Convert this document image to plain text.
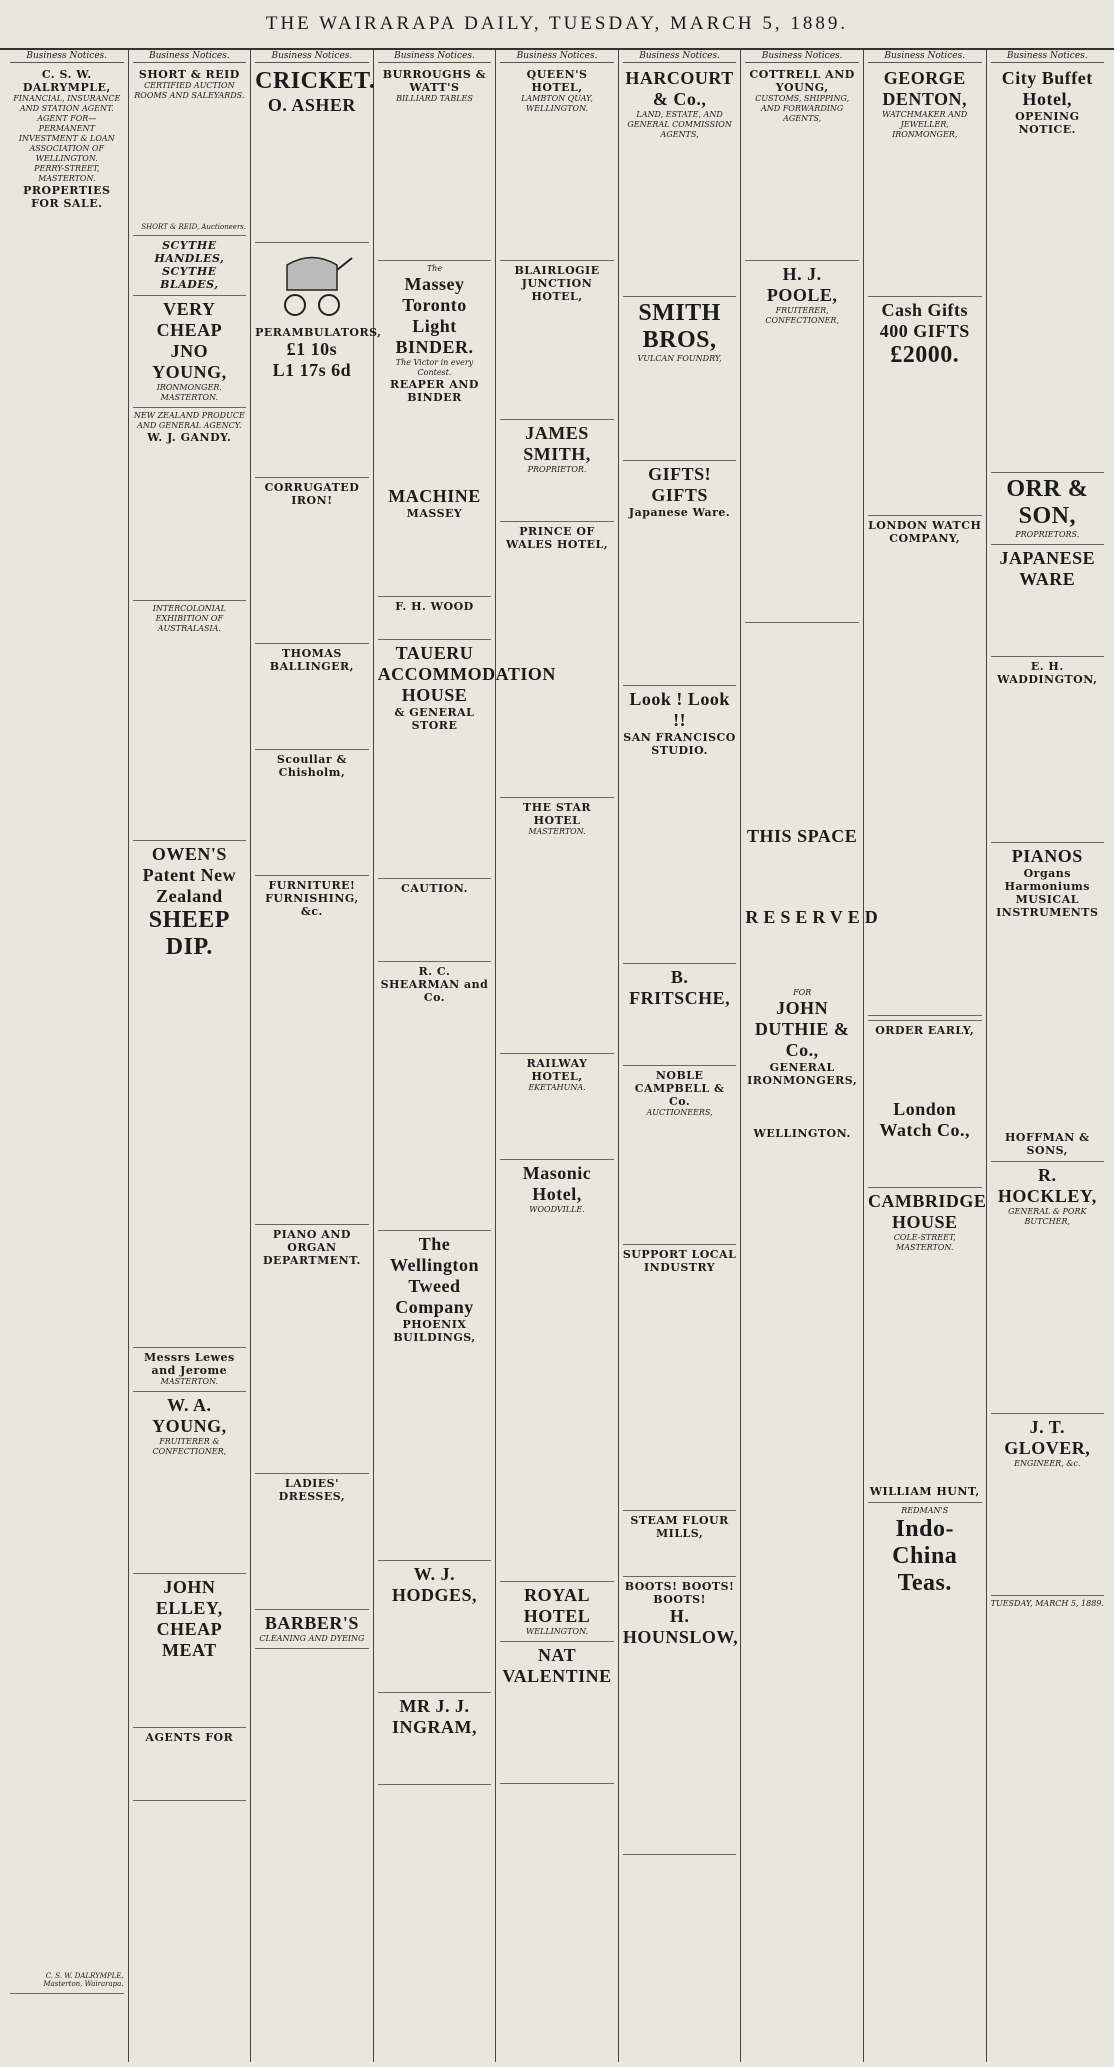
THE WAIRARAPA DAILY, TUESDAY, MARCH 5, 1889.
Business Notices.
C. S. W. DALRYMPLE,
FINANCIAL, INSURANCE AND STATION AGENT.
AGENT FOR—PERMANENT INVESTMENT & LOAN ASSOCIATION OF WELLINGTON.
PERRY-STREET, MASTERTON.
PROPERTIES FOR SALE.
C. S. W. DALRYMPLE, Masterton, Wairarapa.
Business Notices.
SHORT & REID
CERTIFIED AUCTION ROOMS AND SALEYARDS.
SHORT & REID, Auctioneers.
SCYTHE HANDLES, SCYTHE BLADES,
VERY CHEAP
JNO YOUNG,
IRONMONGER. MASTERTON.
NEW ZEALAND PRODUCE AND GENERAL AGENCY.
W. J. GANDY.
INTERCOLONIAL EXHIBITION OF AUSTRALASIA.
OWEN'S
Patent New Zealand
SHEEP DIP.
Messrs Lewes and Jerome
MASTERTON.
W. A. YOUNG,
FRUITERER & CONFECTIONER,
JOHN ELLEY,
CHEAP MEAT
AGENTS FOR
Business Notices.
CRICKET.
O. ASHER
PERAMBULATORS,
£1 10s
L1 17s 6d
CORRUGATED IRON!
THOMAS BALLINGER,
Scoullar & Chisholm,
FURNITURE! FURNISHING, &c.
PIANO AND ORGAN DEPARTMENT.
LADIES' DRESSES,
BARBER'S
CLEANING AND DYEING
Business Notices.
BURROUGHS & WATT'S
BILLIARD TABLES
The
Massey Toronto Light BINDER.
The Victor in every Contest.
REAPER AND BINDER
MACHINE
MASSEY
F. H. WOOD
TAUERU ACCOMMODATION HOUSE
& GENERAL STORE
CAUTION.
R. C. SHEARMAN and Co.
The Wellington Tweed Company
PHOENIX BUILDINGS,
W. J. HODGES,
MR J. J. INGRAM,
Business Notices.
QUEEN'S HOTEL,
LAMBTON QUAY, WELLINGTON.
BLAIRLOGIE JUNCTION HOTEL,
JAMES SMITH,
PROPRIETOR.
PRINCE OF WALES HOTEL,
THE STAR HOTEL
MASTERTON.
RAILWAY HOTEL,
EKETAHUNA.
Masonic Hotel,
WOODVILLE.
ROYAL HOTEL
WELLINGTON.
NAT VALENTINE
Business Notices.
HARCOURT & Co.,
LAND, ESTATE, AND GENERAL COMMISSION AGENTS,
SMITH BROS,
VULCAN FOUNDRY,
GIFTS! GIFTS
Japanese Ware.
Look ! Look !!
SAN FRANCISCO STUDIO.
B. FRITSCHE,
NOBLE CAMPBELL & Co.
AUCTIONEERS,
SUPPORT LOCAL INDUSTRY
STEAM FLOUR MILLS,
BOOTS! BOOTS! BOOTS!
H. HOUNSLOW,
Business Notices.
COTTRELL AND YOUNG,
CUSTOMS, SHIPPING, AND FORWARDING AGENTS,
H. J. POOLE,
FRUITERER, CONFECTIONER,
THIS SPACE
RESERVED
FOR
JOHN DUTHIE & Co.,
GENERAL IRONMONGERS,
WELLINGTON.
Business Notices.
GEORGE DENTON,
WATCHMAKER AND JEWELLER, IRONMONGER,
Cash Gifts
400 GIFTS
£2000.
LONDON WATCH COMPANY,
ORDER EARLY,
London Watch Co.,
CAMBRIDGE HOUSE
COLE-STREET, MASTERTON.
WILLIAM HUNT,
REDMAN'S
Indo-China Teas.
Business Notices.
City Buffet Hotel,
OPENING NOTICE.
ORR & SON,
PROPRIETORS.
JAPANESE WARE
E. H. WADDINGTON,
PIANOS
Organs Harmoniums
MUSICAL INSTRUMENTS
HOFFMAN & SONS,
R. HOCKLEY,
GENERAL & PORK BUTCHER,
J. T. GLOVER,
ENGINEER, &c.
TUESDAY, MARCH 5, 1889.
